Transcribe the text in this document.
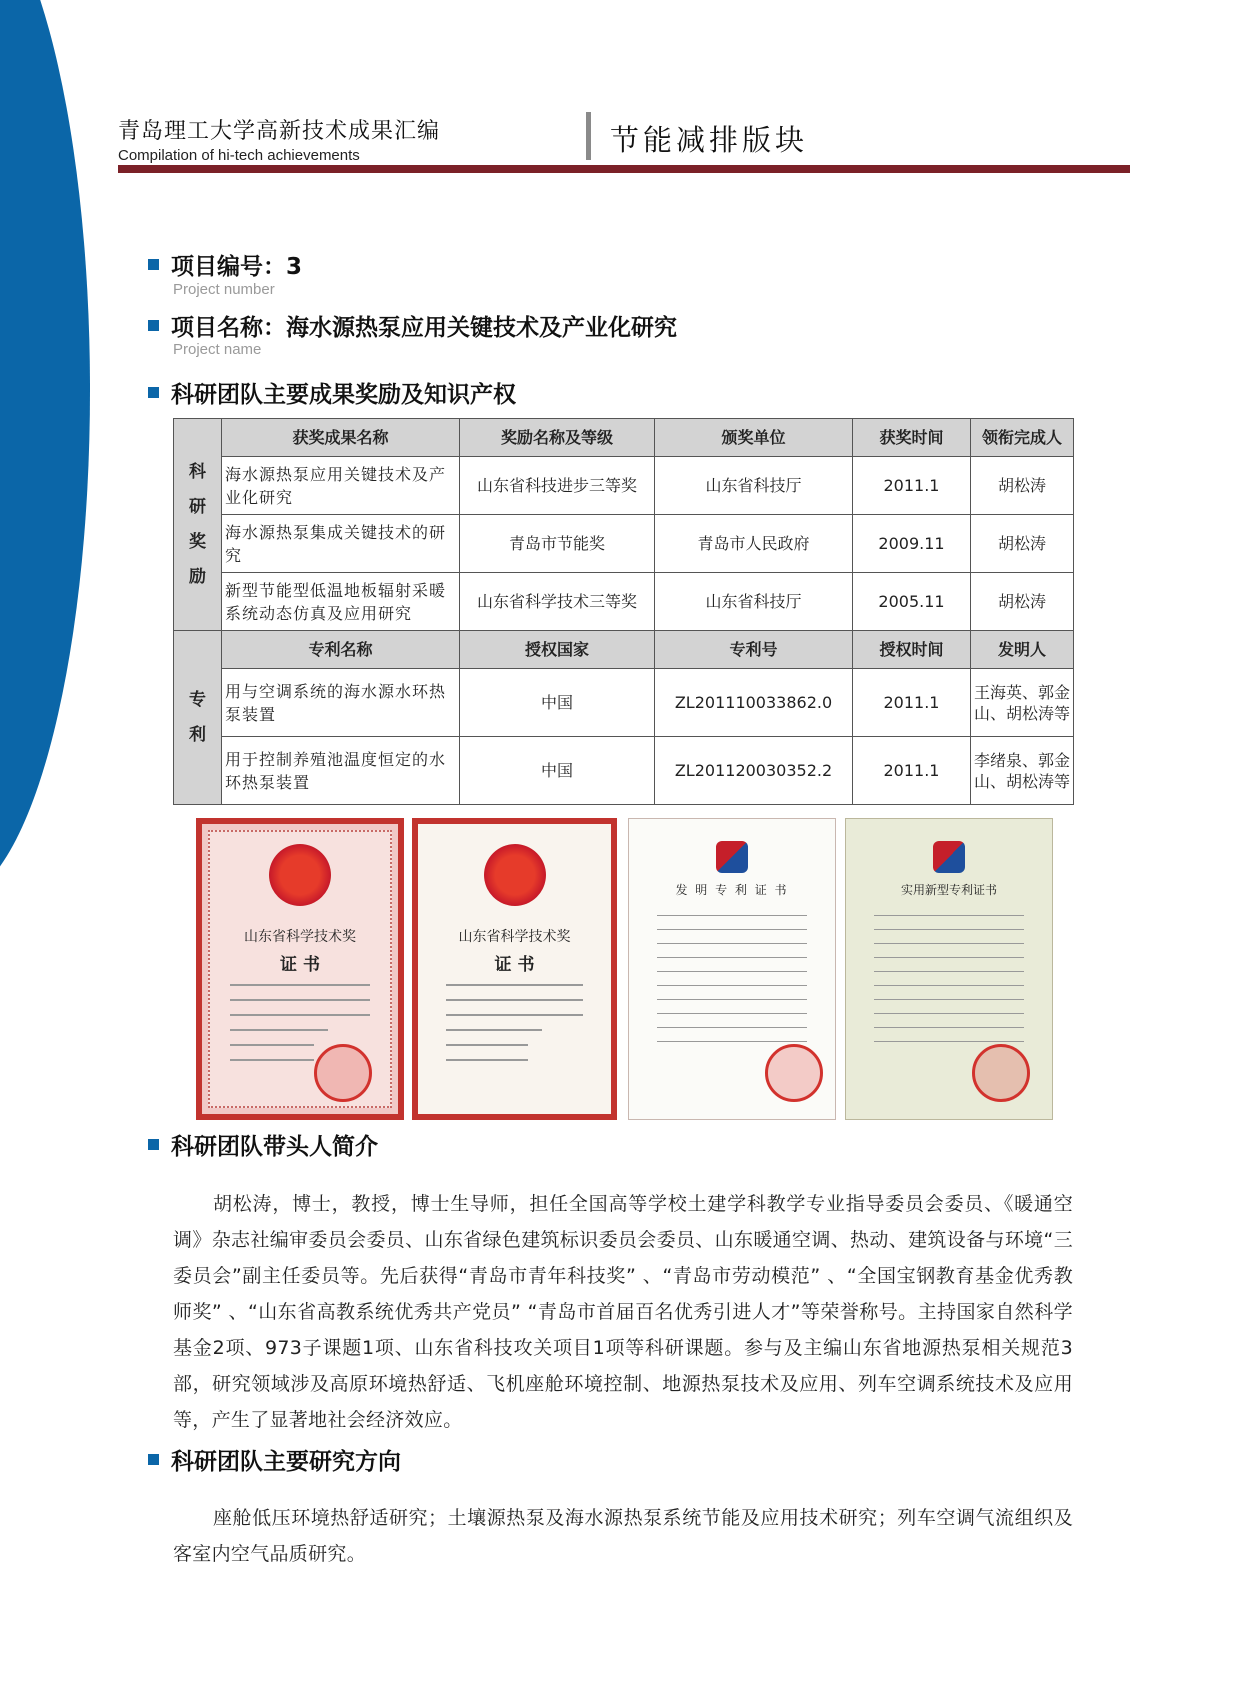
青岛理工大学高新技术成果汇编
Compilation of hi-tech achievements	节能减排版块
项目编号：3
Project number
项目名称：海水源热泵应用关键技术及产业化研究
Project name
科研团队主要成果奖励及知识产权
科研奖励	获奖成果名称	奖励名称及等级	颁奖单位	获奖时间	领衔完成人
	海水源热泵应用关键技术及产业化研究	山东省科技进步三等奖	山东省科技厅	2011.1	胡松涛
	海水源热泵集成关键技术的研究	青岛市节能奖	青岛市人民政府	2009.11	胡松涛
	新型节能型低温地板辐射采暖系统动态仿真及应用研究	山东省科学技术三等奖	山东省科技厅	2005.11	胡松涛
专利	专利名称	授权国家	专利号	授权时间	发明人
	用与空调系统的海水源水环热泵装置	中国	ZL201110033862.0	2011.1	王海英、郭金山、胡松涛等
	用于控制养殖池温度恒定的水环热泵装置	中国	ZL201120030352.2	2011.1	李绪泉、郭金山、胡松涛等
山东省科学技术奖
证 书
山东省科学技术奖
证 书
发 明 专 利 证 书	实用新型专利证书
科研团队带头人简介
胡松涛，博士，教授，博士生导师，担任全国高等学校土建学科教学专业指导委员会委员、《暖通空调》杂志社编审委员会委员、山东省绿色建筑标识委员会委员、山东暖通空调、热动、建筑设备与环境“三委员会”副主任委员等。先后获得“青岛市青年科技奖” 、“青岛市劳动模范” 、“全国宝钢教育基金优秀教师奖” 、“山东省高教系统优秀共产党员” “青岛市首届百名优秀引进人才”等荣誉称号。主持国家自然科学基金2项、973子课题1项、山东省科技攻关项目1项等科研课题。参与及主编山东省地源热泵相关规范3部，研究领域涉及高原环境热舒适、飞机座舱环境控制、地源热泵技术及应用、列车空调系统技术及应用等，产生了显著地社会经济效应。
科研团队主要研究方向
座舱低压环境热舒适研究；土壤源热泵及海水源热泵系统节能及应用技术研究；列车空调气流组织及客室内空气品质研究。
